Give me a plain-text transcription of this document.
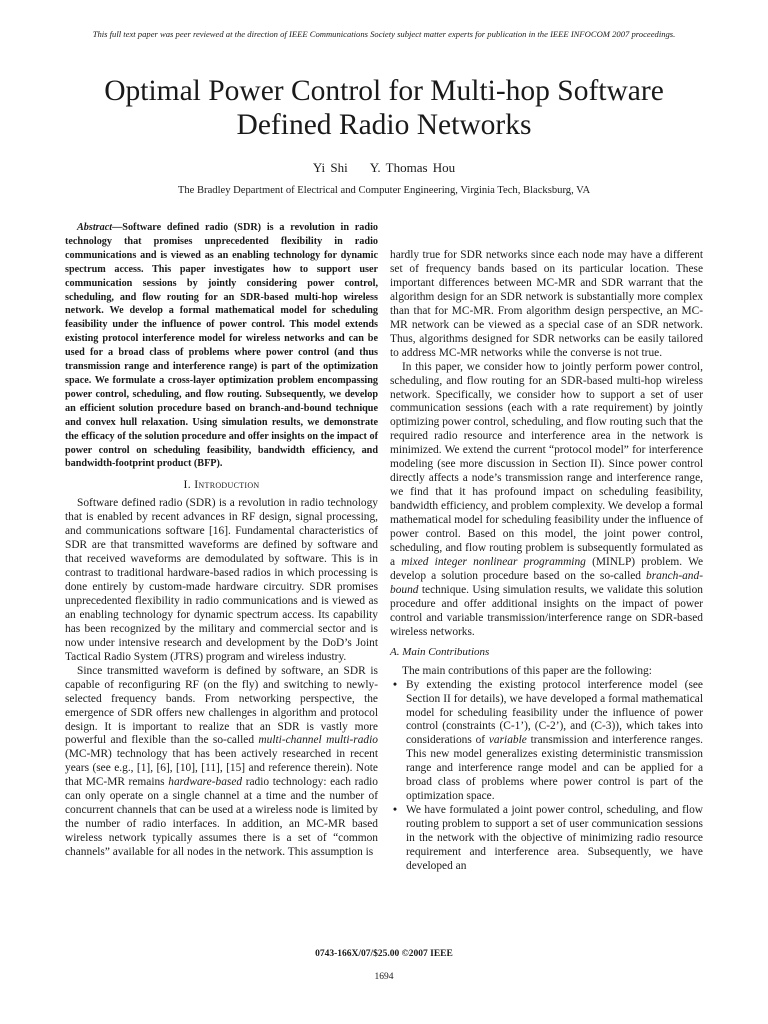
This full text paper was peer reviewed at the direction of IEEE Communications Society subject matter experts for publication in the IEEE INFOCOM 2007 proceedings.
Optimal Power Control for Multi-hop Software
Defined Radio Networks
Yi Shi Y. Thomas Hou
The Bradley Department of Electrical and Computer Engineering, Virginia Tech, Blacksburg, VA

Abstract—Software defined radio (SDR) is a revolution in radio technology that promises unprecedented flexibility in radio communications and is viewed as an enabling technology for dynamic spectrum access. This paper investigates how to support user communication sessions by jointly considering power control, scheduling, and flow routing for an SDR-based multi-hop wireless network. We develop a formal mathematical model for scheduling feasibility under the influence of power control. This model extends existing protocol interference model for wireless networks and can be used for a broad class of problems where power control (and thus transmission range and interference range) is part of the optimization space. We formulate a cross-layer optimization problem encompassing power control, scheduling, and flow routing. Subsequently, we develop an efficient solution procedure based on branch-and-bound technique and convex hull relaxation. Using simulation results, we demonstrate the efficacy of the solution procedure and offer insights on the impact of power control on scheduling feasibility, bandwidth efficiency, and bandwidth-footprint product (BFP).

I. Introduction

Software defined radio (SDR) is a revolution in radio technology that is enabled by recent advances in RF design, signal processing, and communications software [16]. Fundamental characteristics of SDR are that transmitted waveforms are defined by software and that received waveforms are demodulated by software. This is in contrast to traditional hardware-based radios in which processing is done entirely by custom-made hardware circuitry. SDR promises unprecedented flexibility in radio communications and is viewed as an enabling technology for dynamic spectrum access. Its capability has been recognized by the military and commercial sector and is now under intensive research and development by the DoD’s Joint Tactical Radio System (JTRS) program and wireless industry.

Since transmitted waveform is defined by software, an SDR is capable of reconfiguring RF (on the fly) and switching to newly-selected frequency bands. From networking perspective, the emergence of SDR offers new challenges in algorithm and protocol design. It is important to realize that an SDR is vastly more powerful and flexible than the so-called multi-channel multi-radio (MC-MR) technology that has been actively researched in recent years (see e.g., [1], [6], [10], [11], [15] and reference therein). Note that MC-MR remains hardware-based radio technology: each radio can only operate on a single channel at a time and the number of concurrent channels that can be used at a wireless node is limited by the number of radio interfaces. In addition, an MC-MR based wireless network typically assumes there is a set of “common channels” available for all nodes in the network. This assumption is

hardly true for SDR networks since each node may have a different set of frequency bands based on its particular location. These important differences between MC-MR and SDR warrant that the algorithm design for an SDR network is substantially more complex than that for MC-MR. From algorithm design perspective, an MC-MR network can be viewed as a special case of an SDR network. Thus, algorithms designed for SDR networks can be easily tailored to address MC-MR networks while the converse is not true.

In this paper, we consider how to jointly perform power control, scheduling, and flow routing for an SDR-based multi-hop wireless network. Specifically, we consider how to support a set of user communication sessions (each with a rate requirement) by jointly optimizing power control, scheduling, and flow routing such that the required radio resource and interference area in the network is minimized. We extend the current “protocol model” for interference modeling (see more discussion in Section II). Since power control directly affects a node’s transmission range and interference range, we find that it has profound impact on scheduling feasibility, bandwidth efficiency, and problem complexity. We develop a formal mathematical model for scheduling feasibility under the influence of power control. Based on this model, the joint power control, scheduling, and flow routing problem is subsequently formulated as a mixed integer nonlinear programming (MINLP) problem. We develop a solution procedure based on the so-called branch-and-bound technique. Using simulation results, we validate this solution procedure and offer additional insights on the impact of power control and variable transmission/interference range on SDR-based wireless networks.

A. Main Contributions

The main contributions of this paper are the following:

• By extending the existing protocol interference model (see Section II for details), we have developed a formal mathematical model for scheduling feasibility under the influence of power control (constraints (C-1’), (C-2’), and (C-3)), which takes into considerations of variable transmission and interference ranges. This new model generalizes existing deterministic transmission range and interference range model and can be applied for a broad class of problems where power control is part of the optimization space.
• We have formulated a joint power control, scheduling, and flow routing problem to support a set of user communication sessions in the network with the objective of minimizing radio resource requirement and interference area. Subsequently, we have developed an
0743-166X/07/$25.00 ©2007 IEEE
1694
